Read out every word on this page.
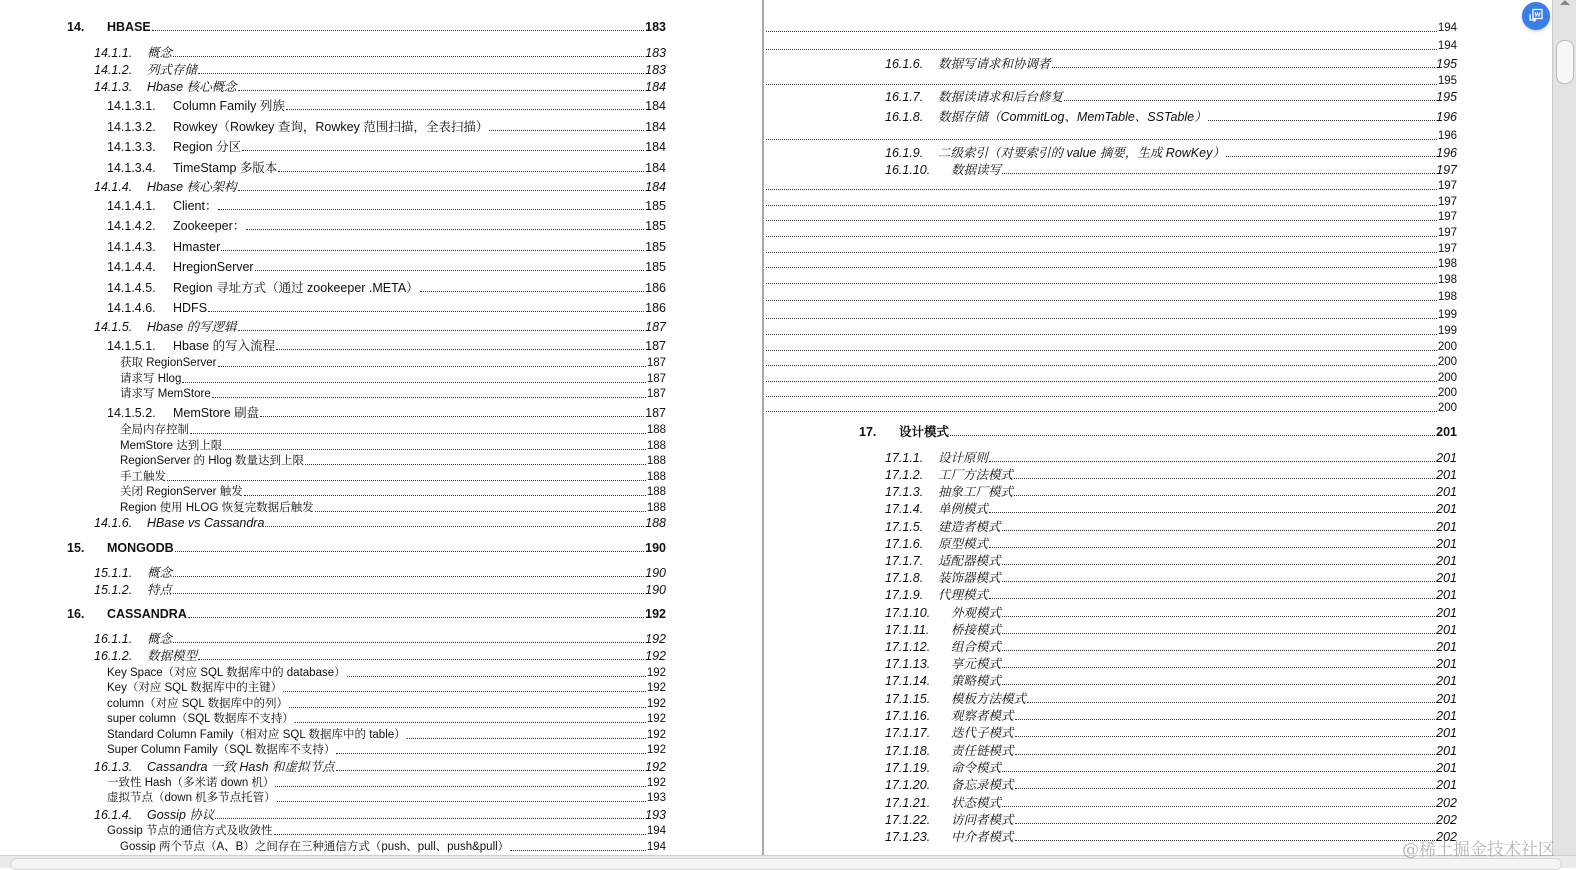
14.	HBASE	183
14.1.1.	概念	183
14.1.2.	列式存储	183
14.1.3.	Hbase 核心概念	184
14.1.3.1.	Column Family 列族	184
14.1.3.2.	Rowkey（Rowkey 查询，Rowkey 范围扫描，全表扫描）	184
14.1.3.3.	Region 分区	184
14.1.3.4.	TimeStamp 多版本	184
14.1.4.	Hbase 核心架构	184
14.1.4.1.	Client：	185
14.1.4.2.	Zookeeper：	185
14.1.4.3.	Hmaster	185
14.1.4.4.	HregionServer	185
14.1.4.5.	Region 寻址方式（通过 zookeeper .META）	186
14.1.4.6.	HDFS	186
14.1.5.	Hbase 的写逻辑	187
14.1.5.1.	Hbase 的写入流程	187
获取 RegionServer	187
请求写 Hlog	187
请求写 MemStore	187
14.1.5.2.	MemStore 刷盘	187
全局内存控制	188
MemStore 达到上限	188
RegionServer 的 Hlog 数量达到上限	188
手工触发	188
关闭 RegionServer 触发	188
Region 使用 HLOG 恢复完数据后触发	188
14.1.6.	HBase vs Cassandra	188
15.	MONGODB	190
15.1.1.	概念	190
15.1.2.	特点	190
16.	CASSANDRA	192
16.1.1.	概念	192
16.1.2.	数据模型	192
Key Space（对应 SQL 数据库中的 database）	192
Key（对应 SQL 数据库中的主键）	192
column（对应 SQL 数据库中的列）	192
super column（SQL 数据库不支持）	192
Standard Column Family（相对应 SQL 数据库中的 table）	192
Super Column Family（SQL 数据库不支持）	192
16.1.3.	Cassandra 一致 Hash 和虚拟节点	192
一致性 Hash（多米诺 down 机）	192
虚拟节点（down 机多节点托管）	193
16.1.4.	Gossip 协议	193
Gossip 节点的通信方式及收敛性	194
Gossip 两个节点（A、B）之间存在三种通信方式（push、pull、push&pull）	194
194
194
16.1.6.	数据写请求和协调者	195
195
16.1.7.	数据读请求和后台修复	195
16.1.8.	数据存储（CommitLog、MemTable、SSTable）	196
196
16.1.9.	二级索引（对要索引的 value 摘要，生成 RowKey）	196
16.1.10.	数据读写	197
197
197
197
197
197
198
198
198
199
199
200
200
200
200
200
17.	设计模式	201
17.1.1.	设计原则	201
17.1.2.	工厂方法模式	201
17.1.3.	抽象工厂模式	201
17.1.4.	单例模式	201
17.1.5.	建造者模式	201
17.1.6.	原型模式	201
17.1.7.	适配器模式	201
17.1.8.	装饰器模式	201
17.1.9.	代理模式	201
17.1.10.	外观模式	201
17.1.11.	桥接模式	201
17.1.12.	组合模式	201
17.1.13.	享元模式	201
17.1.14.	策略模式	201
17.1.15.	模板方法模式	201
17.1.16.	观察者模式	201
17.1.17.	迭代子模式	201
17.1.18.	责任链模式	201
17.1.19.	命令模式	201
17.1.20.	备忘录模式	201
17.1.21.	状态模式	202
17.1.22.	访问者模式	202
17.1.23.	中介者模式	202
@稀土掘金技术社区
